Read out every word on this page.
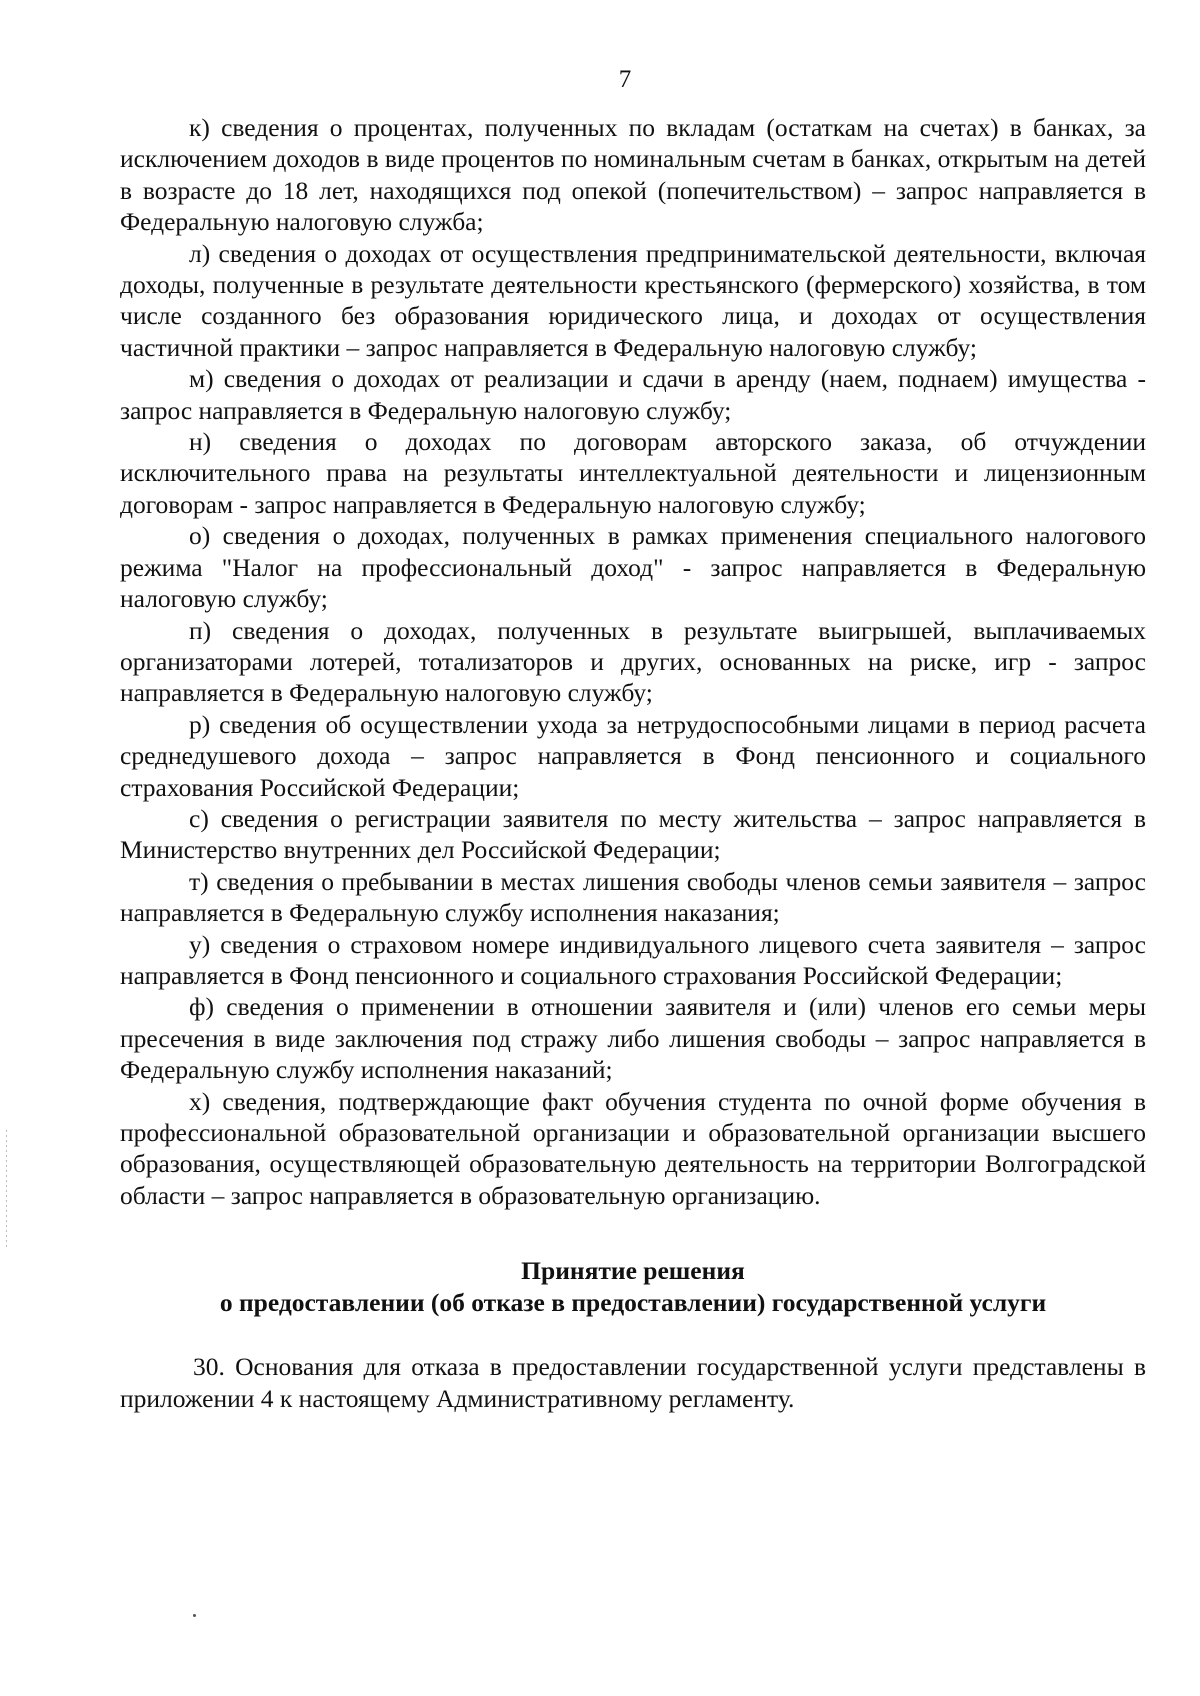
7

к) сведения о процентах, полученных по вкладам (остаткам на счетах) в банках, за исключением доходов в виде процентов по номинальным счетам в банках, открытым на детей в возрасте до 18 лет, находящихся под опекой (попечительством) – запрос направляется в Федеральную налоговую служба;

л) сведения о доходах от осуществления предпринимательской деятельности, включая доходы, полученные в результате деятельности крестьянского (фермерского) хозяйства, в том числе созданного без образования юридического лица, и доходах от осуществления частичной практики – запрос направляется в Федеральную налоговую службу;

м) сведения о доходах от реализации и сдачи в аренду (наем, поднаем) имущества - запрос направляется в Федеральную налоговую службу;

н) сведения о доходах по договорам авторского заказа, об отчуждении исключительного права на результаты интеллектуальной деятельности и лицензионным договорам - запрос направляется в Федеральную налоговую службу;

о) сведения о доходах, полученных в рамках применения специального налогового режима "Налог на профессиональный доход" - запрос направляется в Федеральную налоговую службу;

п) сведения о доходах, полученных в результате выигрышей, выплачиваемых организаторами лотерей, тотализаторов и других, основанных на риске, игр - запрос направляется в Федеральную налоговую службу;

р) сведения об осуществлении ухода за нетрудоспособными лицами в период расчета среднедушевого дохода – запрос направляется в Фонд пенсионного и социального страхования Российской Федерации;

с) сведения о регистрации заявителя по месту жительства – запрос направляется в Министерство внутренних дел Российской Федерации;

т) сведения о пребывании в местах лишения свободы членов семьи заявителя – запрос направляется в Федеральную службу исполнения наказания;

у) сведения о страховом номере индивидуального лицевого счета заявителя – запрос направляется в Фонд пенсионного и социального страхования Российской Федерации;

ф) сведения о применении в отношении заявителя и (или) членов его семьи меры пресечения в виде заключения под стражу либо лишения свободы – запрос направляется в Федеральную службу исполнения наказаний;

х) сведения, подтверждающие факт обучения студента по очной форме обучения в профессиональной образовательной организации и образовательной организации высшего образования, осуществляющей образовательную деятельность на территории Волгоградской области – запрос направляется в образовательную организацию.

Принятие решения

о предоставлении (об отказе в предоставлении) государственной услуги

30. Основания для отказа в предоставлении государственной услуги представлены в приложении 4 к настоящему Административному регламенту.
